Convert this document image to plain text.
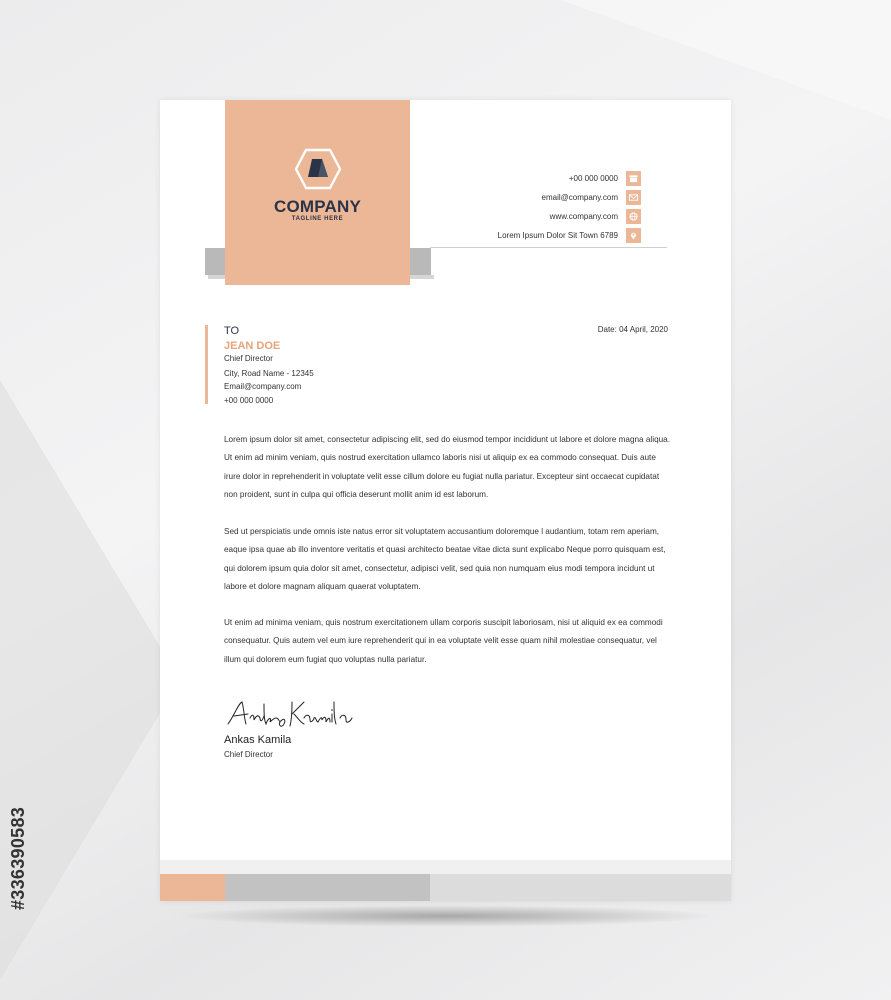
#336390583
COMPANY
TAGLINE HERE
+00 000 0000
email@company.com
www.company.com
Lorem Ipsum Dolor Sit Town 6789
TO
JEAN DOE
Chief Director
City, Road Name - 12345
Email@company.com
+00 000 0000
Date: 04 April, 2020
Lorem ipsum dolor sit amet, consectetur adipiscing elit, sed do eiusmod tempor incididunt ut labore et dolore magna aliqua. Ut enim ad minim veniam, quis nostrud exercitation ullamco laboris nisi ut aliquip ex ea commodo consequat. Duis aute irure dolor in reprehenderit in voluptate velit esse cillum dolore eu fugiat nulla pariatur. Excepteur sint occaecat cupidatat non proident, sunt in culpa qui officia deserunt mollit anim id est laborum.
Sed ut perspiciatis unde omnis iste natus error sit voluptatem accusantium doloremque l audantium, totam rem aperiam, eaque ipsa quae ab illo inventore veritatis et quasi architecto beatae vitae dicta sunt explicabo Neque porro quisquam est, qui dolorem ipsum quia dolor sit amet, consectetur, adipisci velit, sed quia non numquam eius modi tempora incidunt ut labore et dolore magnam aliquam quaerat voluptatem.
Ut enim ad minima veniam, quis nostrum exercitationem ullam corporis suscipit laboriosam, nisi ut aliquid ex ea commodi consequatur. Quis autem vel eum iure reprehenderit qui in ea voluptate velit esse quam nihil molestiae consequatur, vel illum qui dolorem eum fugiat quo voluptas nulla pariatur.
Ankas Kamila
Chief Director
